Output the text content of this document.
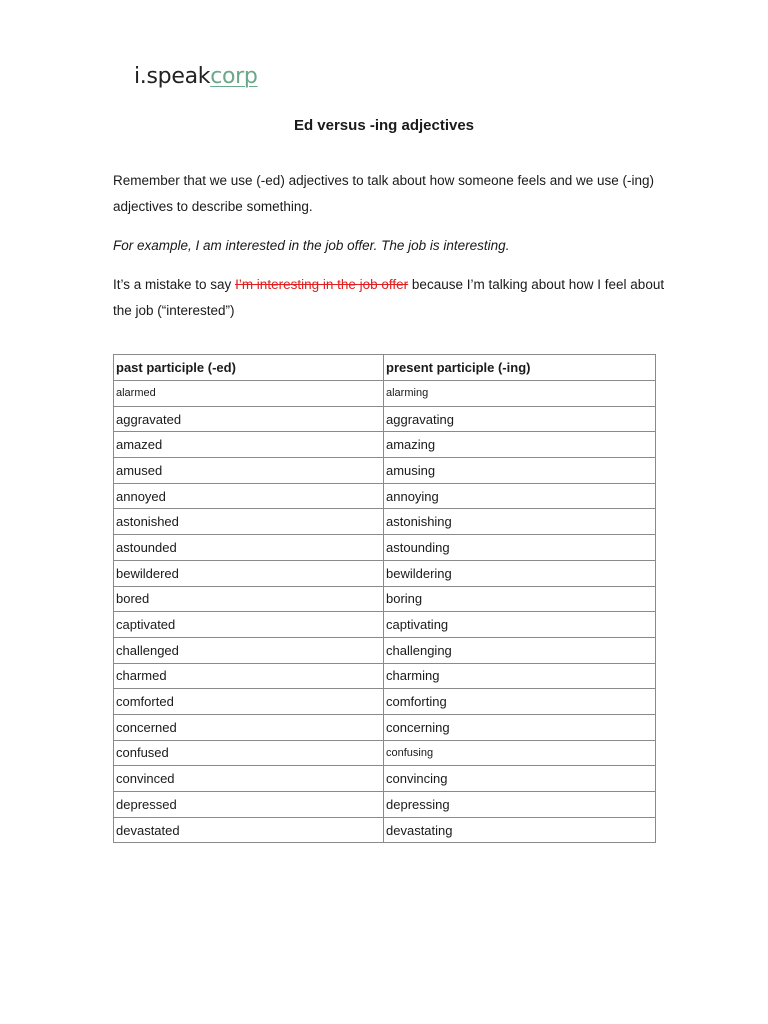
i.speakcorp
Ed versus -ing adjectives
Remember that we use (-ed) adjectives to talk about how someone feels and we use (-ing) adjectives to describe something.
For example, I am interested in the job offer. The job is interesting.
It’s a mistake to say I’m interesting in the job offer because I’m talking about how I feel about the job (“interested”)
past participle (-ed)	present participle (-ing)
alarmed	alarming
aggravated	aggravating
amazed	amazing
amused	amusing
annoyed	annoying
astonished	astonishing
astounded	astounding
bewildered	bewildering
bored	boring
captivated	captivating
challenged	challenging
charmed	charming
comforted	comforting
concerned	concerning
confused	confusing
convinced	convincing
depressed	depressing
devastated	devastating
